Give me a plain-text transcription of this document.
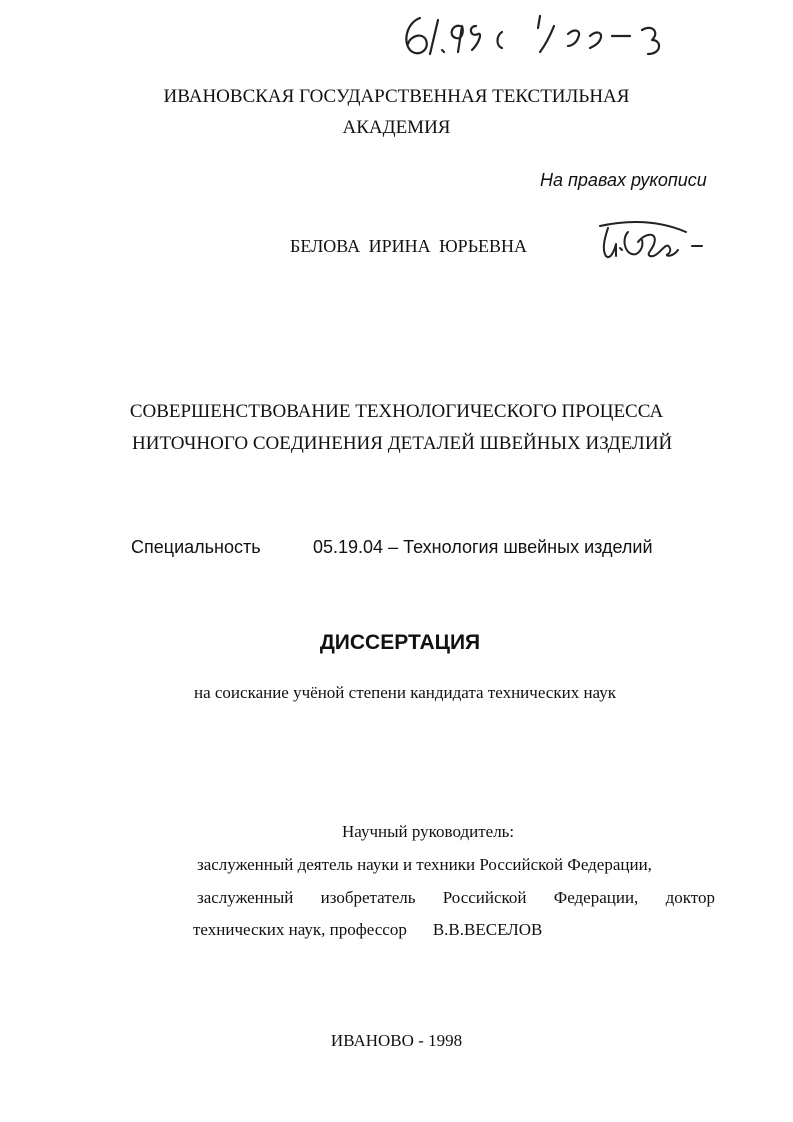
ИВАНОВСКАЯ ГОСУДАРСТВЕННАЯ ТЕКСТИЛЬНАЯ
АКАДЕМИЯ
На правах рукописи
БЕЛОВА ИРИНА ЮРЬЕВНА
СОВЕРШЕНСТВОВАНИЕ ТЕХНОЛОГИЧЕСКОГО ПРОЦЕССА
НИТОЧНОГО СОЕДИНЕНИЯ ДЕТАЛЕЙ ШВЕЙНЫХ ИЗДЕЛИЙ
Специальность	05.19.04 – Технология швейных изделий
ДИССЕРТАЦИЯ
на соискание учёной степени кандидата технических наук
Научный руководитель:
заслуженный деятель науки и техники Российской Федерации,
заслуженный изобретатель Российской Федерации, доктор
технических наук, профессор В.В.ВЕСЕЛОВ
ИВАНОВО - 1998
